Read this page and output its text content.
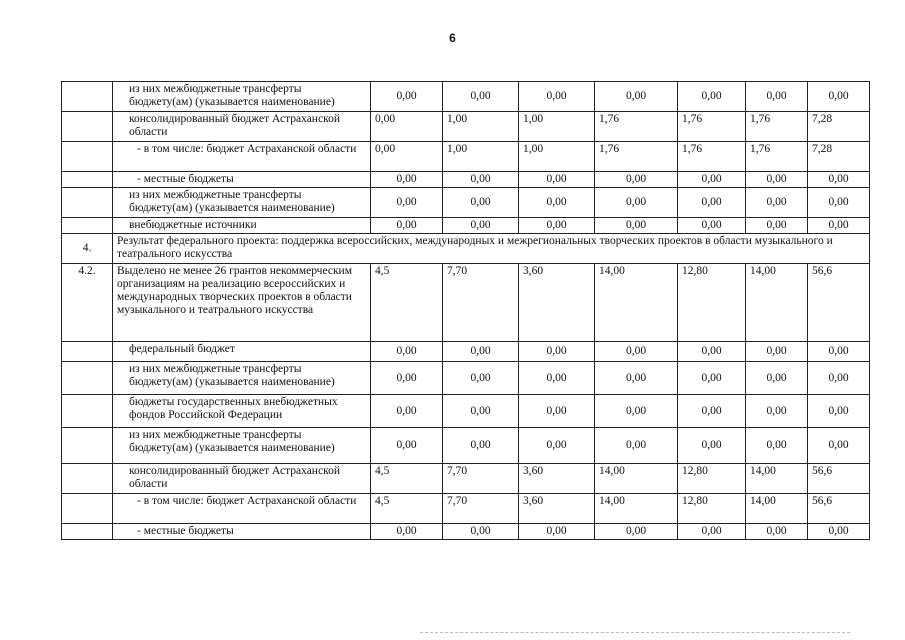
6
	из них межбюджетные трансферты бюджету(ам) (указывается наименование)	0,00	0,00	0,00	0,00	0,00	0,00	0,00
	консолидированный бюджет Астраханской области	0,00	1,00	1,00	1,76	1,76	1,76	7,28
	- в том числе: бюджет Астраханской области	0,00	1,00	1,00	1,76	1,76	1,76	7,28
	- местные бюджеты	0,00	0,00	0,00	0,00	0,00	0,00	0,00
	из них межбюджетные трансферты бюджету(ам) (указывается наименование)	0,00	0,00	0,00	0,00	0,00	0,00	0,00
	внебюджетные источники	0,00	0,00	0,00	0,00	0,00	0,00	0,00
4.	Результат федерального проекта: поддержка всероссийских, международных и межрегиональных творческих проектов в области музыкального и театрального искусства							
4.2.	Выделено не менее 26 грантов некоммерческим организациям на реализацию всероссийских и международных творческих проектов в области музыкального и театрального искусства	4,5	7,70	3,60	14,00	12,80	14,00	56,6
	федеральный бюджет	0,00	0,00	0,00	0,00	0,00	0,00	0,00
	из них межбюджетные трансферты бюджету(ам) (указывается наименование)	0,00	0,00	0,00	0,00	0,00	0,00	0,00
	бюджеты государственных внебюджетных фондов Российской Федерации	0,00	0,00	0,00	0,00	0,00	0,00	0,00
	из них межбюджетные трансферты бюджету(ам) (указывается наименование)	0,00	0,00	0,00	0,00	0,00	0,00	0,00
	консолидированный бюджет Астраханской области	4,5	7,70	3,60	14,00	12,80	14,00	56,6
	- в том числе: бюджет Астраханской области	4,5	7,70	3,60	14,00	12,80	14,00	56,6
	- местные бюджеты	0,00	0,00	0,00	0,00	0,00	0,00	0,00
